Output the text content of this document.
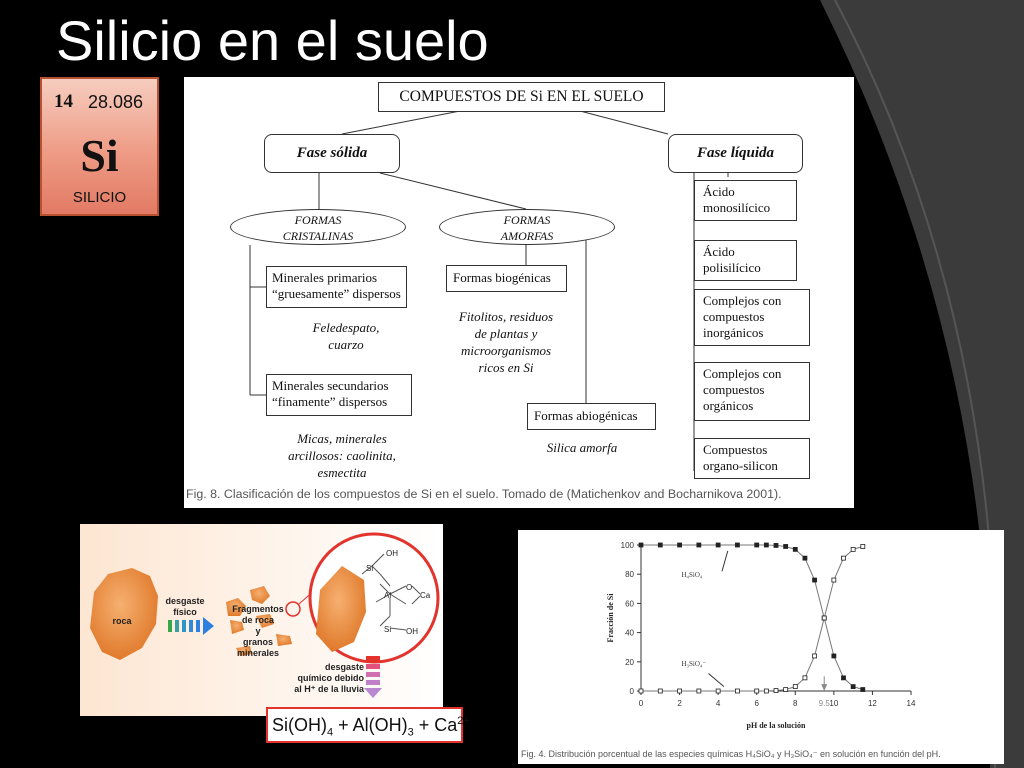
Silicio en el suelo
14 28.086
Si
SILICIO
COMPUESTOS DE Si EN EL SUELO
Fase sólida	Fase líquida
FORMAS
CRISTALINAS
FORMAS
AMORFAS
Minerales primarios
“gruesamente” dispersos
Feledespato,
cuarzo
Minerales secundarios
“finamente” dispersos
Micas, minerales
arcillosos: caolinita,
esmectita
Formas biogénicas
Fitolitos, residuos
de plantas y
microorganismos
ricos en Si
Formas abiogénicas
Silica amorfa
Ácido
monosilícico
Ácido
polisilícico
Complejos con
compuestos
inorgánicos
Complejos con
compuestos
orgánicos
Compuestos
organo-silicon
Fig. 8. Clasificación de los compuestos de Si en el suelo. Tomado de (Matichenkov and Bocharnikova 2001).
roca
desgaste
físico	Fragmentos
de roca
y
granos
minerales
desgaste
químico debido
al H⁺ de la lluvia
Si
OH
Al	Ca
O
Si OH
$Si(OH)_4 + Al(OH)_3 + Ca^{2+}$
0	2	4	6	8	10	12	14
0
20
40
60
80
100
pH de la solución
Fracción de Si
H₄SiO₄
H₃SiO₄⁻
9.5
Fig. 4. Distribución porcentual de las especies químicas H₄SiO₄ y H₃SiO₄⁻ en solución en función del pH.
